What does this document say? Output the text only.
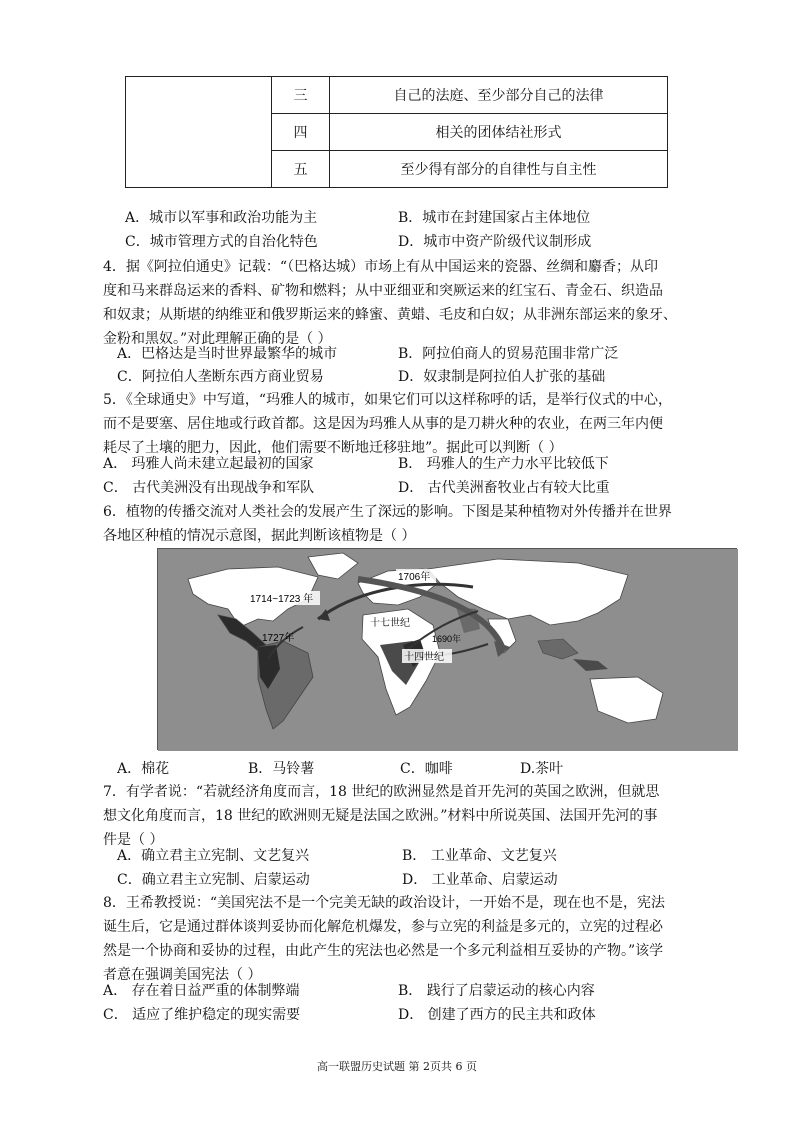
	三	自己的法庭、至少部分自己的法律
	四	相关的团体结社形式
	五	至少得有部分的自律性与自主性
A．城市以军事和政治功能为主	B．城市在封建国家占主体地位
C．城市管理方式的自治化特色	D．城市中资产阶级代议制形成
4．据《阿拉伯通史》记载：“（巴格达城）市场上有从中国运来的瓷器、丝绸和麝香；从印
度和马来群岛运来的香料、矿物和燃料；从中亚细亚和突厥运来的红宝石、青金石、织造品
和奴隶；从斯堪的纳维亚和俄罗斯运来的蜂蜜、黄蜡、毛皮和白奴；从非洲东部运来的象牙、
金粉和黑奴。”对此理解正确的是（ ）
A．巴格达是当时世界最繁华的城市	B．阿拉伯商人的贸易范围非常广泛
C．阿拉伯人垄断东西方商业贸易	D．奴隶制是阿拉伯人扩张的基础
5．《全球通史》中写道，“玛雅人的城市，如果它们可以这样称呼的话，是举行仪式的中心，
而不是要塞、居住地或行政首都。这是因为玛雅人从事的是刀耕火种的农业，在两三年内便
耗尽了土壤的肥力，因此，他们需要不断地迁移驻地”。据此可以判断（ ）
A． 玛雅人尚未建立起最初的国家	B． 玛雅人的生产力水平比较低下
C． 古代美洲没有出现战争和军队	D． 古代美洲畜牧业占有较大比重
6．植物的传播交流对人类社会的发展产生了深远的影响。下图是某种植物对外传播并在世界
各地区种植的情况示意图，据此判断该植物是（ ）
1706年
1714~1723 年
1727年
十七世纪
十四世纪
1690年
A．棉花	B．马铃薯	C．咖啡	D.茶叶
7．有学者说：“若就经济角度而言，18 世纪的欧洲显然是首开先河的英国之欧洲，但就思
想文化角度而言，18 世纪的欧洲则无疑是法国之欧洲。”材料中所说英国、法国开先河的事
件是（ ）
A．确立君主立宪制、文艺复兴	B． 工业革命、文艺复兴
C．确立君主立宪制、启蒙运动	D． 工业革命、启蒙运动
8．王希教授说：“美国宪法不是一个完美无缺的政治设计，一开始不是，现在也不是，宪法
诞生后，它是通过群体谈判妥协而化解危机爆发，参与立宪的利益是多元的，立宪的过程必
然是一个协商和妥协的过程，由此产生的宪法也必然是一个多元利益相互妥协的产物。”该学
者意在强调美国宪法（ ）
A． 存在着日益严重的体制弊端	B． 践行了启蒙运动的核心内容
C． 适应了维护稳定的现实需要	D． 创建了西方的民主共和政体
高一联盟历史试题 第 2页共 6 页
